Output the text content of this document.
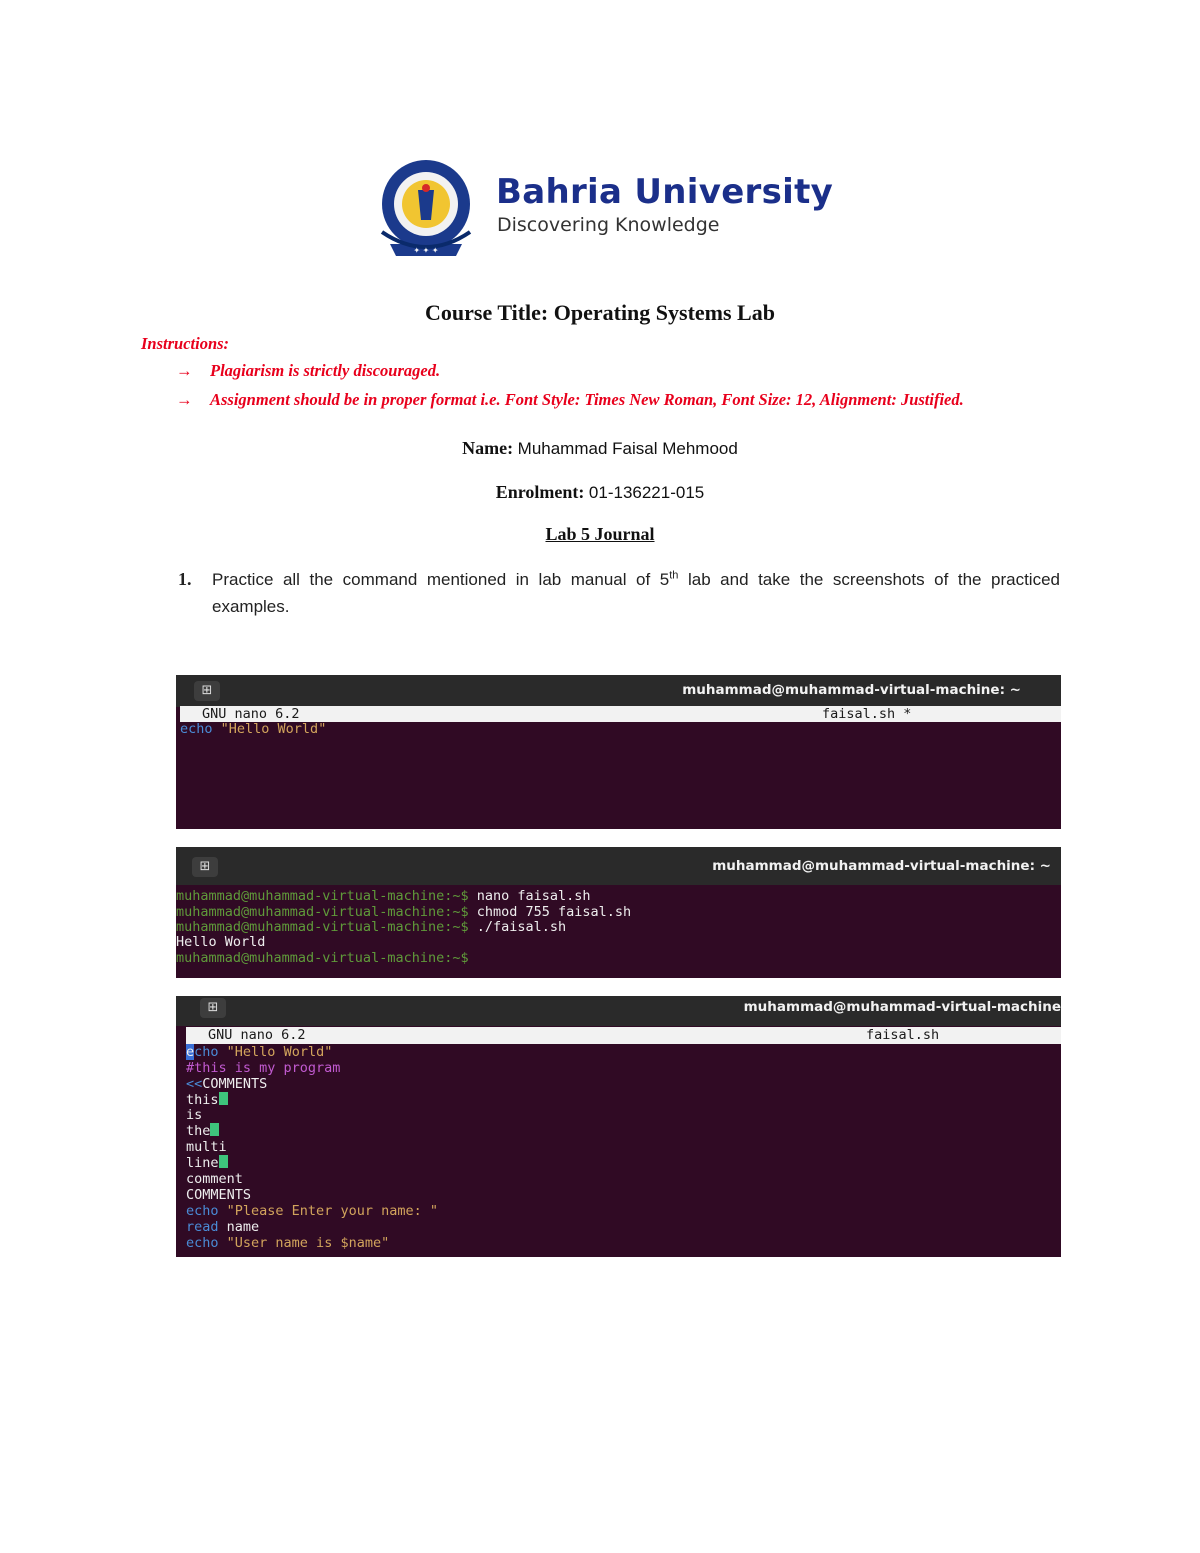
✦ ✦ ✦
Bahria University
Discovering Knowledge
Course Title: Operating Systems Lab
Instructions:
→ Plagiarism is strictly discouraged.
→ Assignment should be in proper format i.e. Font Style: Times New Roman, Font Size: 12, Alignment: Justified.
Name: Muhammad Faisal Mehmood
Enrolment: 01-136221-015
Lab 5 Journal
1. Practice all the command mentioned in lab manual of 5th lab and take the screenshots of the practiced examples.
⊞	muhammad@muhammad-virtual-machine: ~

GNU nano 6.2

	faisal.sh *

echo "Hello World"
⊞	muhammad@muhammad-virtual-machine: ~
muhammad@muhammad-virtual-machine:~$ nano faisal.sh
muhammad@muhammad-virtual-machine:~$ chmod 755 faisal.sh
muhammad@muhammad-virtual-machine:~$ ./faisal.sh
Hello World
muhammad@muhammad-virtual-machine:~$
⊞	muhammad@muhammad-virtual-machine

GNU nano 6.2

	faisal.sh

echo "Hello World"
#this is my program
<<COMMENTS
this
is
the
multi
line
comment
COMMENTS
echo "Please Enter your name: "
read name
echo "User name is $name"
